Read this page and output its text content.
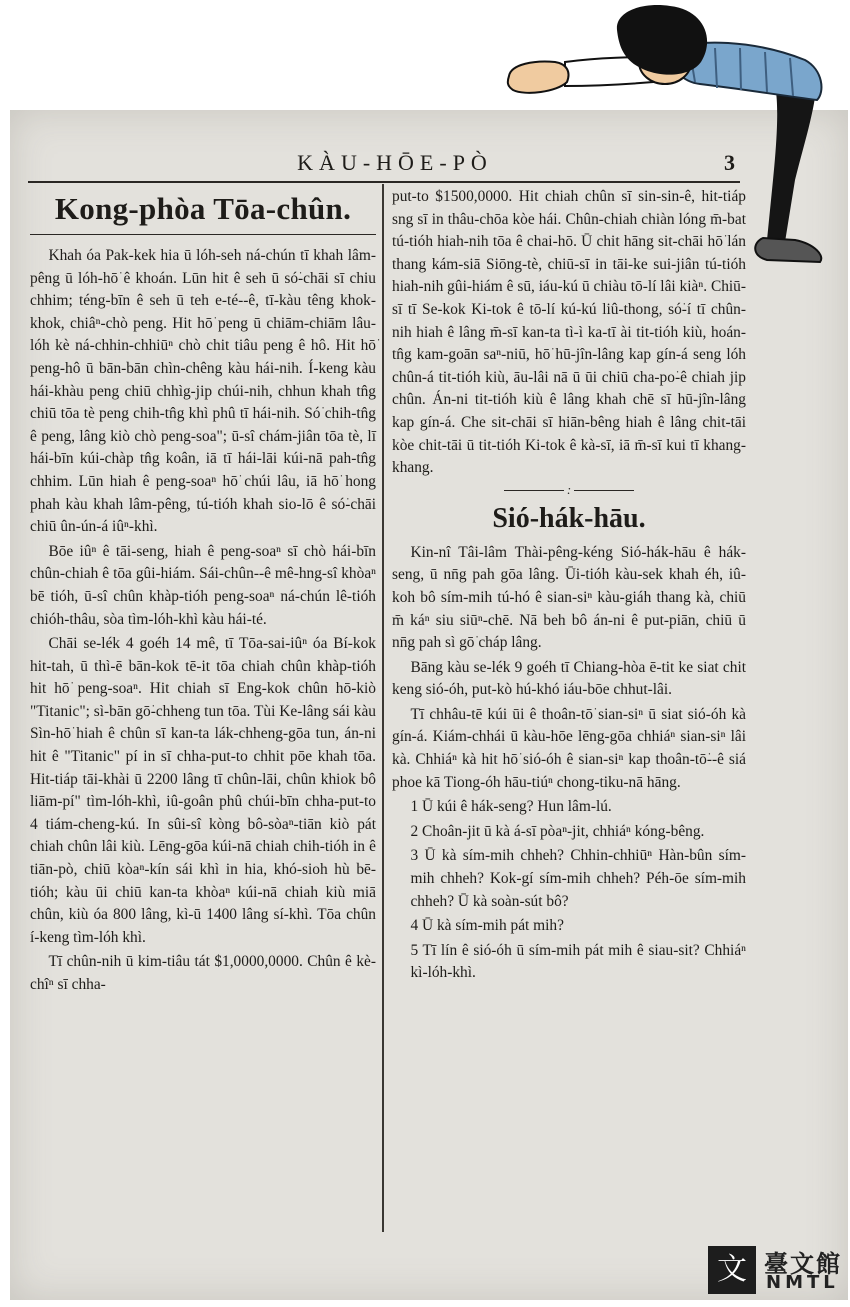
KÀU-HŌE-PÒ	3
Kong-phòa Tōa-chûn.

Khah óa Pak-kek hia ū lóh-seh ná-chún tī khah lâm-pêng ū lóh-hō͘ ê khoán. Lūn hit ê seh ū só͘-chāi sī chiu chhim; téng-bīn ê seh ū teh e-té--ê, tī-kàu têng khok-khok, chiâⁿ-chò peng. Hit hō͘ peng ū chiām-chiām lâu-lóh kè ná-chhin-chhiūⁿ chò chit tiâu peng ê hô. Hit hō͘ peng-hô ū bān-bān chìn-chêng kàu hái-nih. Í-keng kàu hái-khàu peng chiū chhìg-jip chúi-nih, chhun khah tn̂g chiū tōa tè peng chih-tn̂g khì phû tī hái-nih. Só͘ chih-tn̂g ê peng, lâng kiò chò peng-soa"; ū-sî chám-jiân tōa tè, lī hái-bīn kúi-chàp tn̂g koân, iā tī hái-lāi kúi-nā pah-tn̂g chhim. Lūn hiah ê peng-soaⁿ hō͘ chúi lâu, iā hō͘ hong phah kàu khah lâm-pêng, tú-tióh khah sio-lō ê só͘-chāi chiū ûn-ún-á iûⁿ-khì.

Bōe iûⁿ ê tāi-seng, hiah ê peng-soaⁿ sī chò hái-bīn chûn-chiah ê tōa gûi-hiám. Sái-chûn--ê mê-hng-sî khòaⁿ bē tióh, ū-sî chûn khàp-tióh peng-soaⁿ ná-chún lê-tióh chióh-thâu, sòa tìm-lóh-khì kàu hái-té.

Chāi se-lék 4 goéh 14 mê, tī Tōa-sai-iûⁿ óa Bí-kok hit-tah, ū thì-ē bān-kok tē-it tōa chiah chûn khàp-tióh hit hō͘ peng-soaⁿ. Hit chiah sī Eng-kok chûn hō-kiò "Titanic"; sì-bān gō͘-chheng tun tōa. Tùi Ke-lâng sái kàu Sìn-hō͘ hiah ê chûn sī kan-ta lák-chheng-gōa tun, án-ni hit ê "Titanic" pí in sī chha-put-to chhit pōe khah tōa. Hit-tiáp tāi-khài ū 2200 lâng tī chûn-lāi, chûn khiok bô liām-pí" tìm-lóh-khì, iû-goân phû chúi-bīn chha-put-to 4 tiám-cheng-kú. In sûi-sî kòng bô-sòaⁿ-tiān kiò pát chiah chûn lâi kiù. Lēng-gōa kúi-nā chiah chih-tióh in ê tiān-pò, chiū kòaⁿ-kín sái khì in hia, khó-sioh hù bē-tióh; kàu ūi chiū kan-ta khòaⁿ kúi-nā chiah kiù miā chûn, kiù óa 800 lâng, kì-ū 1400 lâng sí-khì. Tōa chûn í-keng tìm-lóh khì.

Tī chûn-nih ū kim-tiâu tát $1,0000,0000. Chûn ê kè-chîⁿ sī chha-

put-to $1500,0000. Hit chiah chûn sī sin-sin-ê, hit-tiáp sng sī in thâu-chōa kòe hái. Chûn-chiah chiàn lóng m̄-bat tú-tióh hiah-nih tōa ê chai-hō. Ū chit hāng sit-chāi hō͘ lán thang kám-siā Siōng-tè, chiū-sī in tāi-ke sui-jiân tú-tióh hiah-nih gûi-hiám ê sū, iáu-kú ū chiàu tō-lí lâi kiàⁿ. Chiū-sī tī Se-kok Ki-tok ê tō-lí kú-kú liû-thong, só͘-í tī chûn-nih hiah ê lâng m̄-sī kan-ta tì-ì ka-tī ài tit-tióh kiù, hoán-tn̂g kam-goān saⁿ-niū, hō͘ hū-jîn-lâng kap gín-á seng lóh chûn-á tit-tióh kiù, āu-lâi nā ū ūi chiū cha-po͘-ê chiah jip chûn. Án-ni tit-tióh kiù ê lâng khah chē sī hū-jîn-lâng kap gín-á. Che sit-chāi sī hiān-bêng hiah ê lâng chit-tāi kòe chit-tāi ū tit-tióh Ki-tok ê kà-sī, iā m̄-sī kui tī khang-khang.

:
Sió-hák-hāu.

Kin-nî Tâi-lâm Thài-pêng-kéng Sió-hák-hāu ê hák-seng, ū nn̄g pah gōa lâng. Ūi-tióh kàu-sek khah éh, iû-koh bô sím-mih tú-hó ê sian-siⁿ kàu-giáh thang kà, chiū m̄ káⁿ siu siūⁿ-chē. Nā beh bô án-ni ê put-piān, chiū ū nn̄g pah sì gō͘ cháp lâng.

Bāng kàu se-lék 9 goéh tī Chiang-hòa ē-tit ke siat chit keng sió-óh, put-kò hú-khó iáu-bōe chhut-lâi.

Tī chhâu-tē kúi ūi ê thoân-tō͘ sian-siⁿ ū siat sió-óh kà gín-á. Kiám-chhái ū kàu-hōe lēng-gōa chhiáⁿ sian-siⁿ lâi kà. Chhiáⁿ kà hit hō͘ sió-óh ê sian-siⁿ kap thoân-tō͘--ê siá phoe kā Tiong-óh hāu-tiúⁿ chong-tiku-nā hāng.

1 Ū kúi ê hák-seng? Hun lâm-lú.

2 Choân-jit ū kà á-sī pòaⁿ-jit, chhiáⁿ kóng-bêng.

3 Ū kà sím-mih chheh? Chhin-chhiūⁿ Hàn-bûn sím-mih chheh? Kok-gí sím-mih chheh? Péh-ōe sím-mih chheh? Ū kà soàn-sút bô?

4 Ū kà sím-mih pát mih?

5 Tī lín ê sió-óh ū sím-mih pát mih ê siau-sit? Chhiáⁿ kì-lóh-khì.

文 臺文館
NMTL
